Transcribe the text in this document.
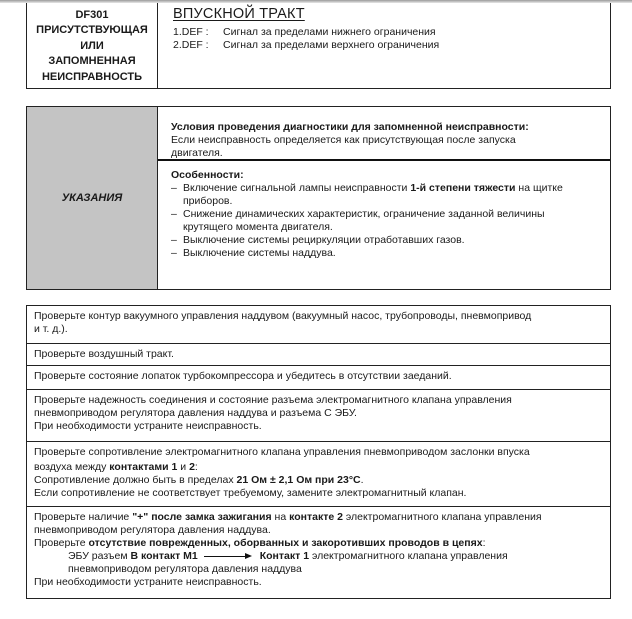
DF301
ПРИСУТСТВУЮЩАЯ
ИЛИ
ЗАПОМНЕННАЯ
НЕИСПРАВНОСТЬ
ВПУСКНОЙ ТРАКТ
1.DEF :	Сигнал за пределами нижнего ограничения
2.DEF :	Сигнал за пределами верхнего ограничения
УКАЗАНИЯ
Условия проведения диагностики для запомненной неисправности:
Если неисправность определяется как присутствующая после запуска
двигателя.
Особенности:
– Включение сигнальной лампы неисправности 1-й степени тяжести на щитке
приборов.
– Снижение динамических характеристик, ограничение заданной величины
крутящего момента двигателя.
– Выключение системы рециркуляции отработавших газов.
– Выключение системы наддува.
Проверьте контур вакуумного управления наддувом (вакуумный насос, трубопроводы, пневмопривод
и т. д.).
Проверьте воздушный тракт.
Проверьте состояние лопаток турбокомпрессора и убедитесь в отсутствии заеданий.
Проверьте надежность соединения и состояние разъема электромагнитного клапана управления
пневмоприводом регулятора давления наддува и разъема С ЭБУ.
При необходимости устраните неисправность.
Проверьте сопротивление электромагнитного клапана управления пневмоприводом заслонки впуска
воздуха между контактами 1 и 2:
Сопротивление должно быть в пределах 21 Ом ± 2,1 Ом при 23°C.
Если сопротивление не соответствует требуемому, замените электромагнитный клапан.
Проверьте наличие "+" после замка зажигания на контакте 2 электромагнитного клапана управления
пневмоприводом регулятора давления наддува.
Проверьте отсутствие поврежденных, оборванных и закоротивших проводов в цепях:
ЭБУ разъем В контакт М1	Контакт 1 электромагнитного клапана управления
пневмоприводом регулятора давления наддува
При необходимости устраните неисправность.
